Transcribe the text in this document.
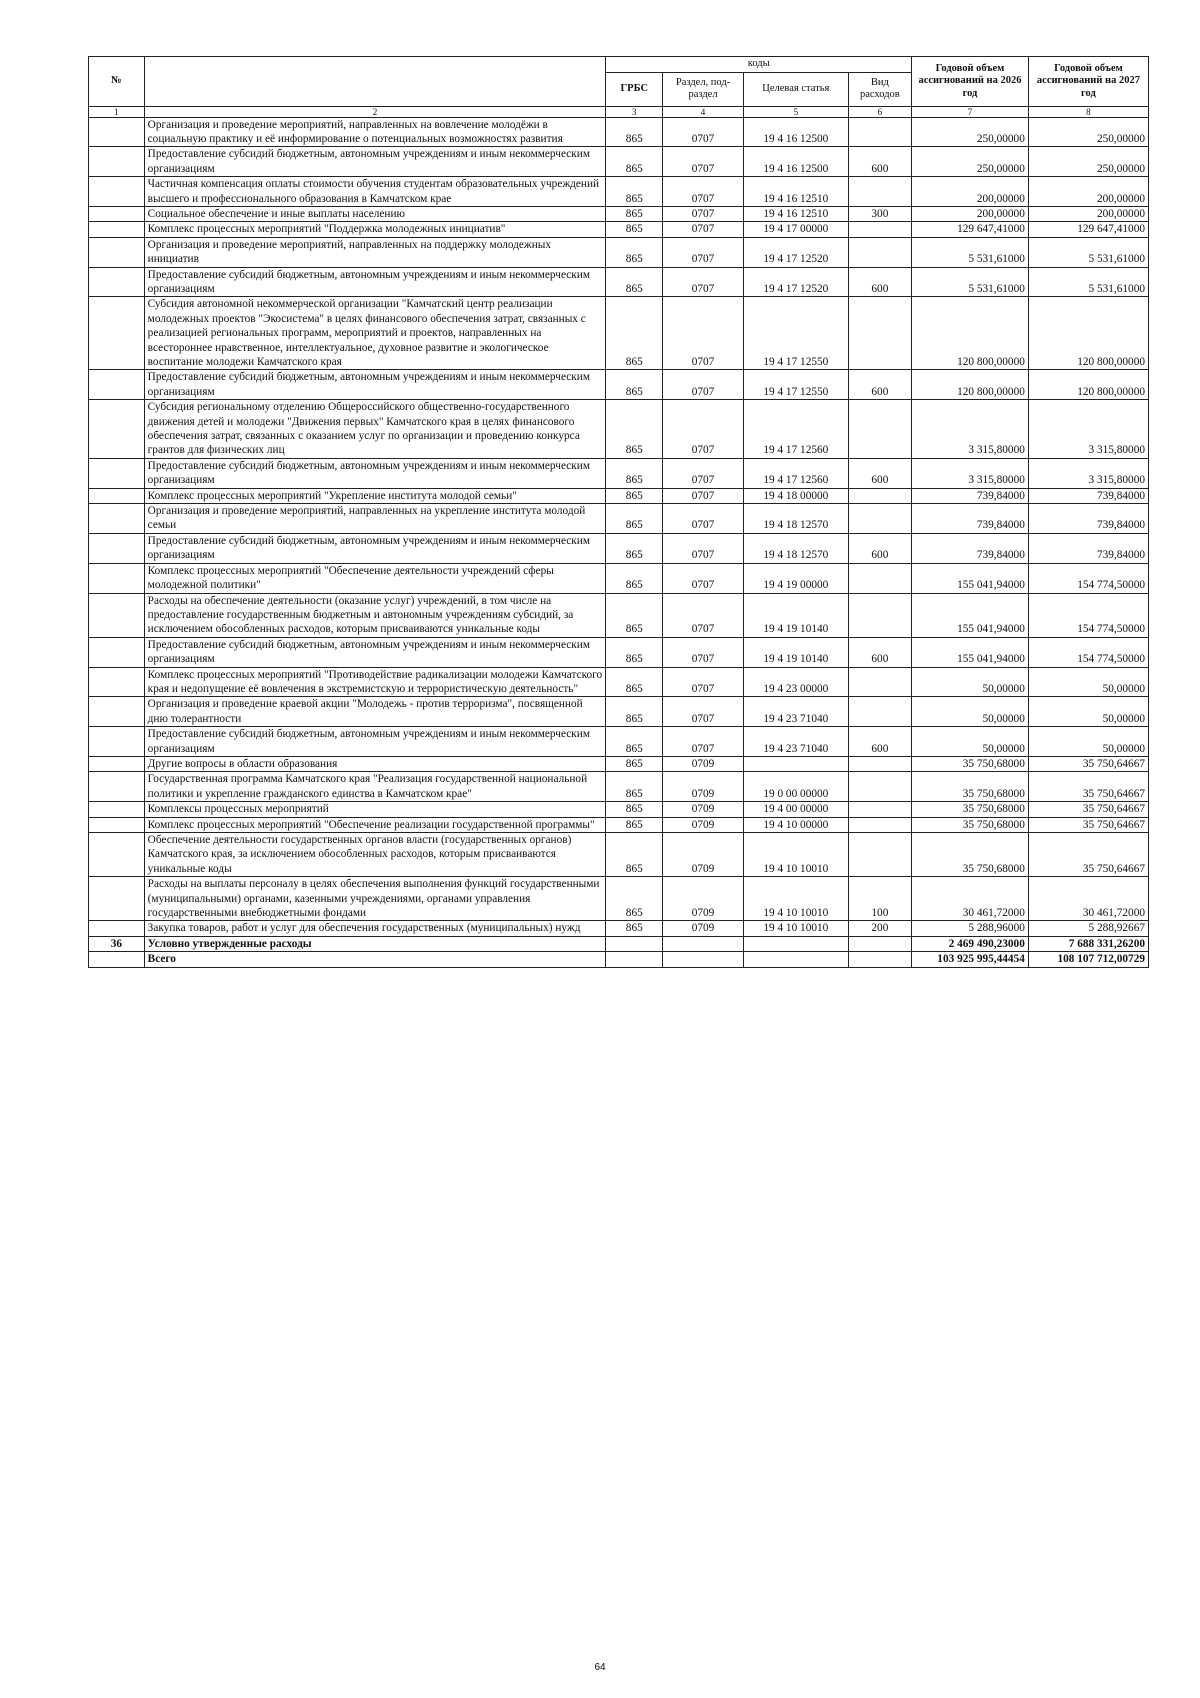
№		коды				Годовой объем ассигнований на 2026 год	Годовой объем ассигнований на 2027 год
		ГРБС	Раздел, под-раздел	Целевая статья	Вид расходов		
1	2	3	4	5	6	7	8
	Организация и проведение мероприятий, направленных на вовлечение молодёжи в социальную практику и её информирование о потенциальных возможностях развития	865	0707	19 4 16 12500		250,00000	250,00000
	Предоставление субсидий бюджетным, автономным учреждениям и иным некоммерческим организациям	865	0707	19 4 16 12500	600	250,00000	250,00000
	Частичная компенсация оплаты стоимости обучения студентам образовательных учреждений высшего и профессионального образования в Камчатском крае	865	0707	19 4 16 12510		200,00000	200,00000
	Социальное обеспечение и иные выплаты населению	865	0707	19 4 16 12510	300	200,00000	200,00000
	Комплекс процессных мероприятий "Поддержка молодежных инициатив"	865	0707	19 4 17 00000		129 647,41000	129 647,41000
	Организация и проведение мероприятий, направленных на поддержку молодежных инициатив	865	0707	19 4 17 12520		5 531,61000	5 531,61000
	Предоставление субсидий бюджетным, автономным учреждениям и иным некоммерческим организациям	865	0707	19 4 17 12520	600	5 531,61000	5 531,61000
	Субсидия автономной некоммерческой организации "Камчатский центр реализации молодежных проектов "Экосистема" в целях финансового обеспечения затрат, связанных с реализацией региональных программ, мероприятий и проектов, направленных на всестороннее нравственное, интеллектуальное, духовное развитие и экологическое воспитание молодежи Камчатского края	865	0707	19 4 17 12550		120 800,00000	120 800,00000
	Предоставление субсидий бюджетным, автономным учреждениям и иным некоммерческим организациям	865	0707	19 4 17 12550	600	120 800,00000	120 800,00000
	Субсидия региональному отделению Общероссийского общественно-государственного движения детей и молодежи "Движения первых" Камчатского края в целях финансового обеспечения затрат, связанных с оказанием услуг по организации и проведению конкурса грантов для физических лиц	865	0707	19 4 17 12560		3 315,80000	3 315,80000
	Предоставление субсидий бюджетным, автономным учреждениям и иным некоммерческим организациям	865	0707	19 4 17 12560	600	3 315,80000	3 315,80000
	Комплекс процессных мероприятий "Укрепление института молодой семьи"	865	0707	19 4 18 00000		739,84000	739,84000
	Организация и проведение мероприятий, направленных на укрепление института молодой семьи	865	0707	19 4 18 12570		739,84000	739,84000
	Предоставление субсидий бюджетным, автономным учреждениям и иным некоммерческим организациям	865	0707	19 4 18 12570	600	739,84000	739,84000
	Комплекс процессных мероприятий "Обеспечение деятельности учреждений сферы молодежной политики"	865	0707	19 4 19 00000		155 041,94000	154 774,50000
	Расходы на обеспечение деятельности (оказание услуг) учреждений, в том числе на предоставление государственным бюджетным и автономным учреждениям субсидий, за исключением обособленных расходов, которым присваиваются уникальные коды	865	0707	19 4 19 10140		155 041,94000	154 774,50000
	Предоставление субсидий бюджетным, автономным учреждениям и иным некоммерческим организациям	865	0707	19 4 19 10140	600	155 041,94000	154 774,50000
	Комплекс процессных мероприятий "Противодействие радикализации молодежи Камчатского края и недопущение её вовлечения в экстремистскую и террористическую деятельность"	865	0707	19 4 23 00000		50,00000	50,00000
	Организация и проведение краевой акции "Молодежь - против терроризма", посвященной дню толерантности	865	0707	19 4 23 71040		50,00000	50,00000
	Предоставление субсидий бюджетным, автономным учреждениям и иным некоммерческим организациям	865	0707	19 4 23 71040	600	50,00000	50,00000
	Другие вопросы в области образования	865	0709			35 750,68000	35 750,64667
	Государственная программа Камчатского края "Реализация государственной национальной политики и укрепление гражданского единства в Камчатском крае"	865	0709	19 0 00 00000		35 750,68000	35 750,64667
	Комплексы процессных мероприятий	865	0709	19 4 00 00000		35 750,68000	35 750,64667
	Комплекс процессных мероприятий "Обеспечение реализации государственной программы"	865	0709	19 4 10 00000		35 750,68000	35 750,64667
	Обеспечение деятельности государственных органов власти (государственных органов) Камчатского края, за исключением обособленных расходов, которым присваиваются уникальные коды	865	0709	19 4 10 10010		35 750,68000	35 750,64667
	Расходы на выплаты персоналу в целях обеспечения выполнения функций государственными (муниципальными) органами, казенными учреждениями, органами управления государственными внебюджетными фондами	865	0709	19 4 10 10010	100	30 461,72000	30 461,72000
	Закупка товаров, работ и услуг для обеспечения государственных (муниципальных) нужд	865	0709	19 4 10 10010	200	5 288,96000	5 288,92667
36	Условно утвержденные расходы					2 469 490,23000	7 688 331,26200
	Всего					103 925 995,44454	108 107 712,00729
64
